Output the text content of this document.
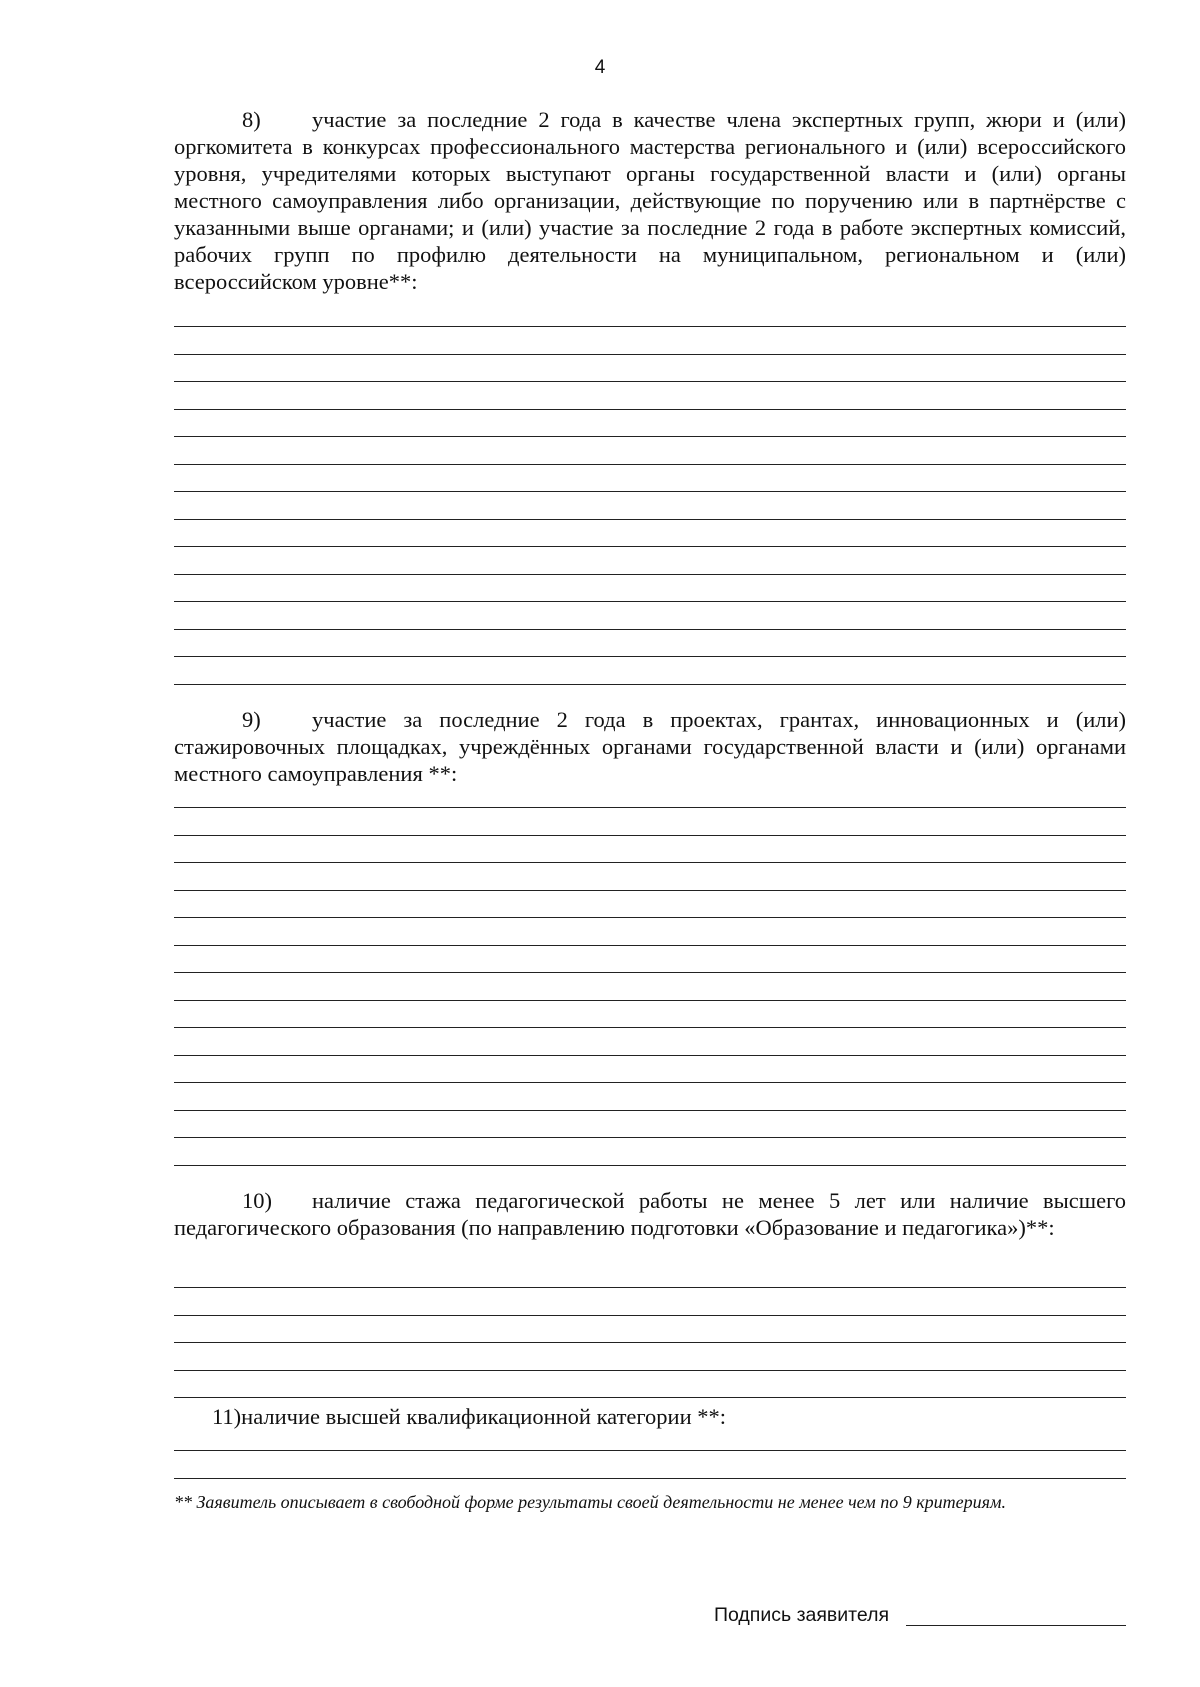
4
8) участие за последние 2 года в качестве члена экспертных групп, жюри и (или) оргкомитета в конкурсах профессионального мастерства регионального и (или) всероссийского уровня, учредителями которых выступают органы государственной власти и (или) органы местного самоуправления либо организации, действующие по поручению или в партнёрстве с указанными выше органами; и (или) участие за последние 2 года в работе экспертных комиссий, рабочих групп по профилю деятельности на муниципальном, региональном и (или) всероссийском уровне**:
9) участие за последние 2 года в проектах, грантах, инновационных и (или) стажировочных площадках, учреждённых органами государственной власти и (или) органами местного самоуправления **:
10) наличие стажа педагогической работы не менее 5 лет или наличие высшего педагогического образования (по направлению подготовки «Образование и педагогика»)**:
11)наличие высшей квалификационной категории **:
** Заявитель описывает в свободной форме результаты своей деятельности не менее чем по 9 критериям.
Подпись заявителя
